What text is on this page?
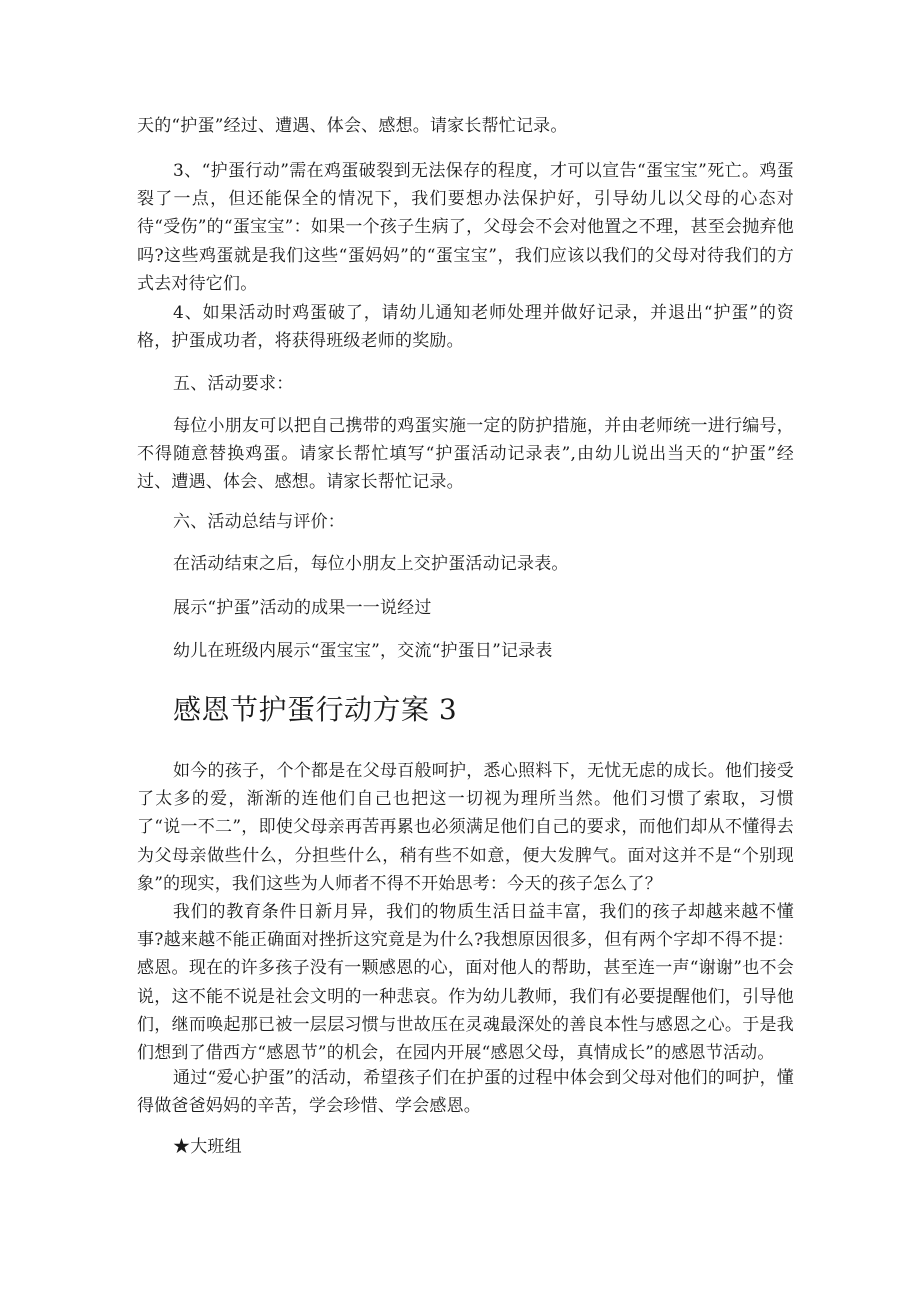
天的“护蛋”经过、遭遇、体会、感想。请家长帮忙记录。

3、“护蛋行动”需在鸡蛋破裂到无法保存的程度，才可以宣告“蛋宝宝”死亡。鸡蛋裂了一点，但还能保全的情况下，我们要想办法保护好，引导幼儿以父母的心态对待“受伤”的“蛋宝宝”：如果一个孩子生病了，父母会不会对他置之不理，甚至会抛弃他吗?这些鸡蛋就是我们这些“蛋妈妈”的“蛋宝宝”，我们应该以我们的父母对待我们的方式去对待它们。

4、如果活动时鸡蛋破了，请幼儿通知老师处理并做好记录，并退出“护蛋”的资格，护蛋成功者，将获得班级老师的奖励。

五、活动要求：

每位小朋友可以把自己携带的鸡蛋实施一定的防护措施，并由老师统一进行编号，不得随意替换鸡蛋。请家长帮忙填写“护蛋活动记录表”,由幼儿说出当天的“护蛋”经过、遭遇、体会、感想。请家长帮忙记录。

六、活动总结与评价：

在活动结束之后，每位小朋友上交护蛋活动记录表。

展示“护蛋”活动的成果一一说经过

幼儿在班级内展示“蛋宝宝”，交流“护蛋日”记录表

感恩节护蛋行动方案 3

如今的孩子，个个都是在父母百般呵护，悉心照料下，无忧无虑的成长。他们接受了太多的爱，渐渐的连他们自己也把这一切视为理所当然。他们习惯了索取，习惯了“说一不二”，即使父母亲再苦再累也必须满足他们自己的要求，而他们却从不懂得去为父母亲做些什么，分担些什么，稍有些不如意，便大发脾气。面对这并不是“个别现象”的现实，我们这些为人师者不得不开始思考：今天的孩子怎么了？

我们的教育条件日新月异，我们的物质生活日益丰富，我们的孩子却越来越不懂事?越来越不能正确面对挫折这究竟是为什么?我想原因很多，但有两个字却不得不提：感恩。现在的许多孩子没有一颗感恩的心，面对他人的帮助，甚至连一声“谢谢”也不会说，这不能不说是社会文明的一种悲哀。作为幼儿教师，我们有必要提醒他们，引导他们，继而唤起那已被一层层习惯与世故压在灵魂最深处的善良本性与感恩之心。于是我们想到了借西方“感恩节”的机会，在园内开展“感恩父母，真情成长”的感恩节活动。

通过“爱心护蛋”的活动，希望孩子们在护蛋的过程中体会到父母对他们的呵护，懂得做爸爸妈妈的辛苦，学会珍惜、学会感恩。

★大班组
